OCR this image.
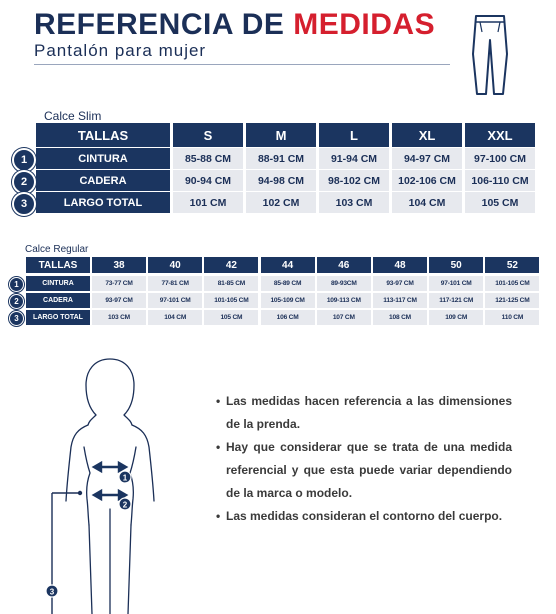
REFERENCIA DE MEDIDAS
Pantalón para mujer
Calce Slim
Calce Regular
1
2
3
• Las medidas hacen referencia a las dimensiones de la prenda.
• Hay que considerar que se trata de una medida referencial y que esta puede variar dependiendo de la marca o modelo.
• Las medidas consideran el contorno del cuerpo.
TALLAS	S	M	L	XL	XXL
1	CINTURA	85-88 CM	88-91 CM	91-94 CM	94-97 CM	97-100 CM
2	CADERA	90-94 CM	94-98 CM	98-102 CM	102-106 CM	106-110 CM
3	LARGO TOTAL	101 CM	102 CM	103 CM	104 CM	105 CM
TALLAS	38	40	42	44	46	48	50	52
1	CINTURA	73-77 CM	77-81 CM	81-85 CM	85-89 CM	89-93CM	93-97 CM	97-101 CM	101-105 CM
2	CADERA	93-97 CM	97-101 CM	101-105 CM	105-109 CM	109-113 CM	113-117 CM	117-121 CM	121-125 CM
3	LARGO TOTAL	103 CM	104 CM	105 CM	106 CM	107 CM	108 CM	109 CM	110 CM
